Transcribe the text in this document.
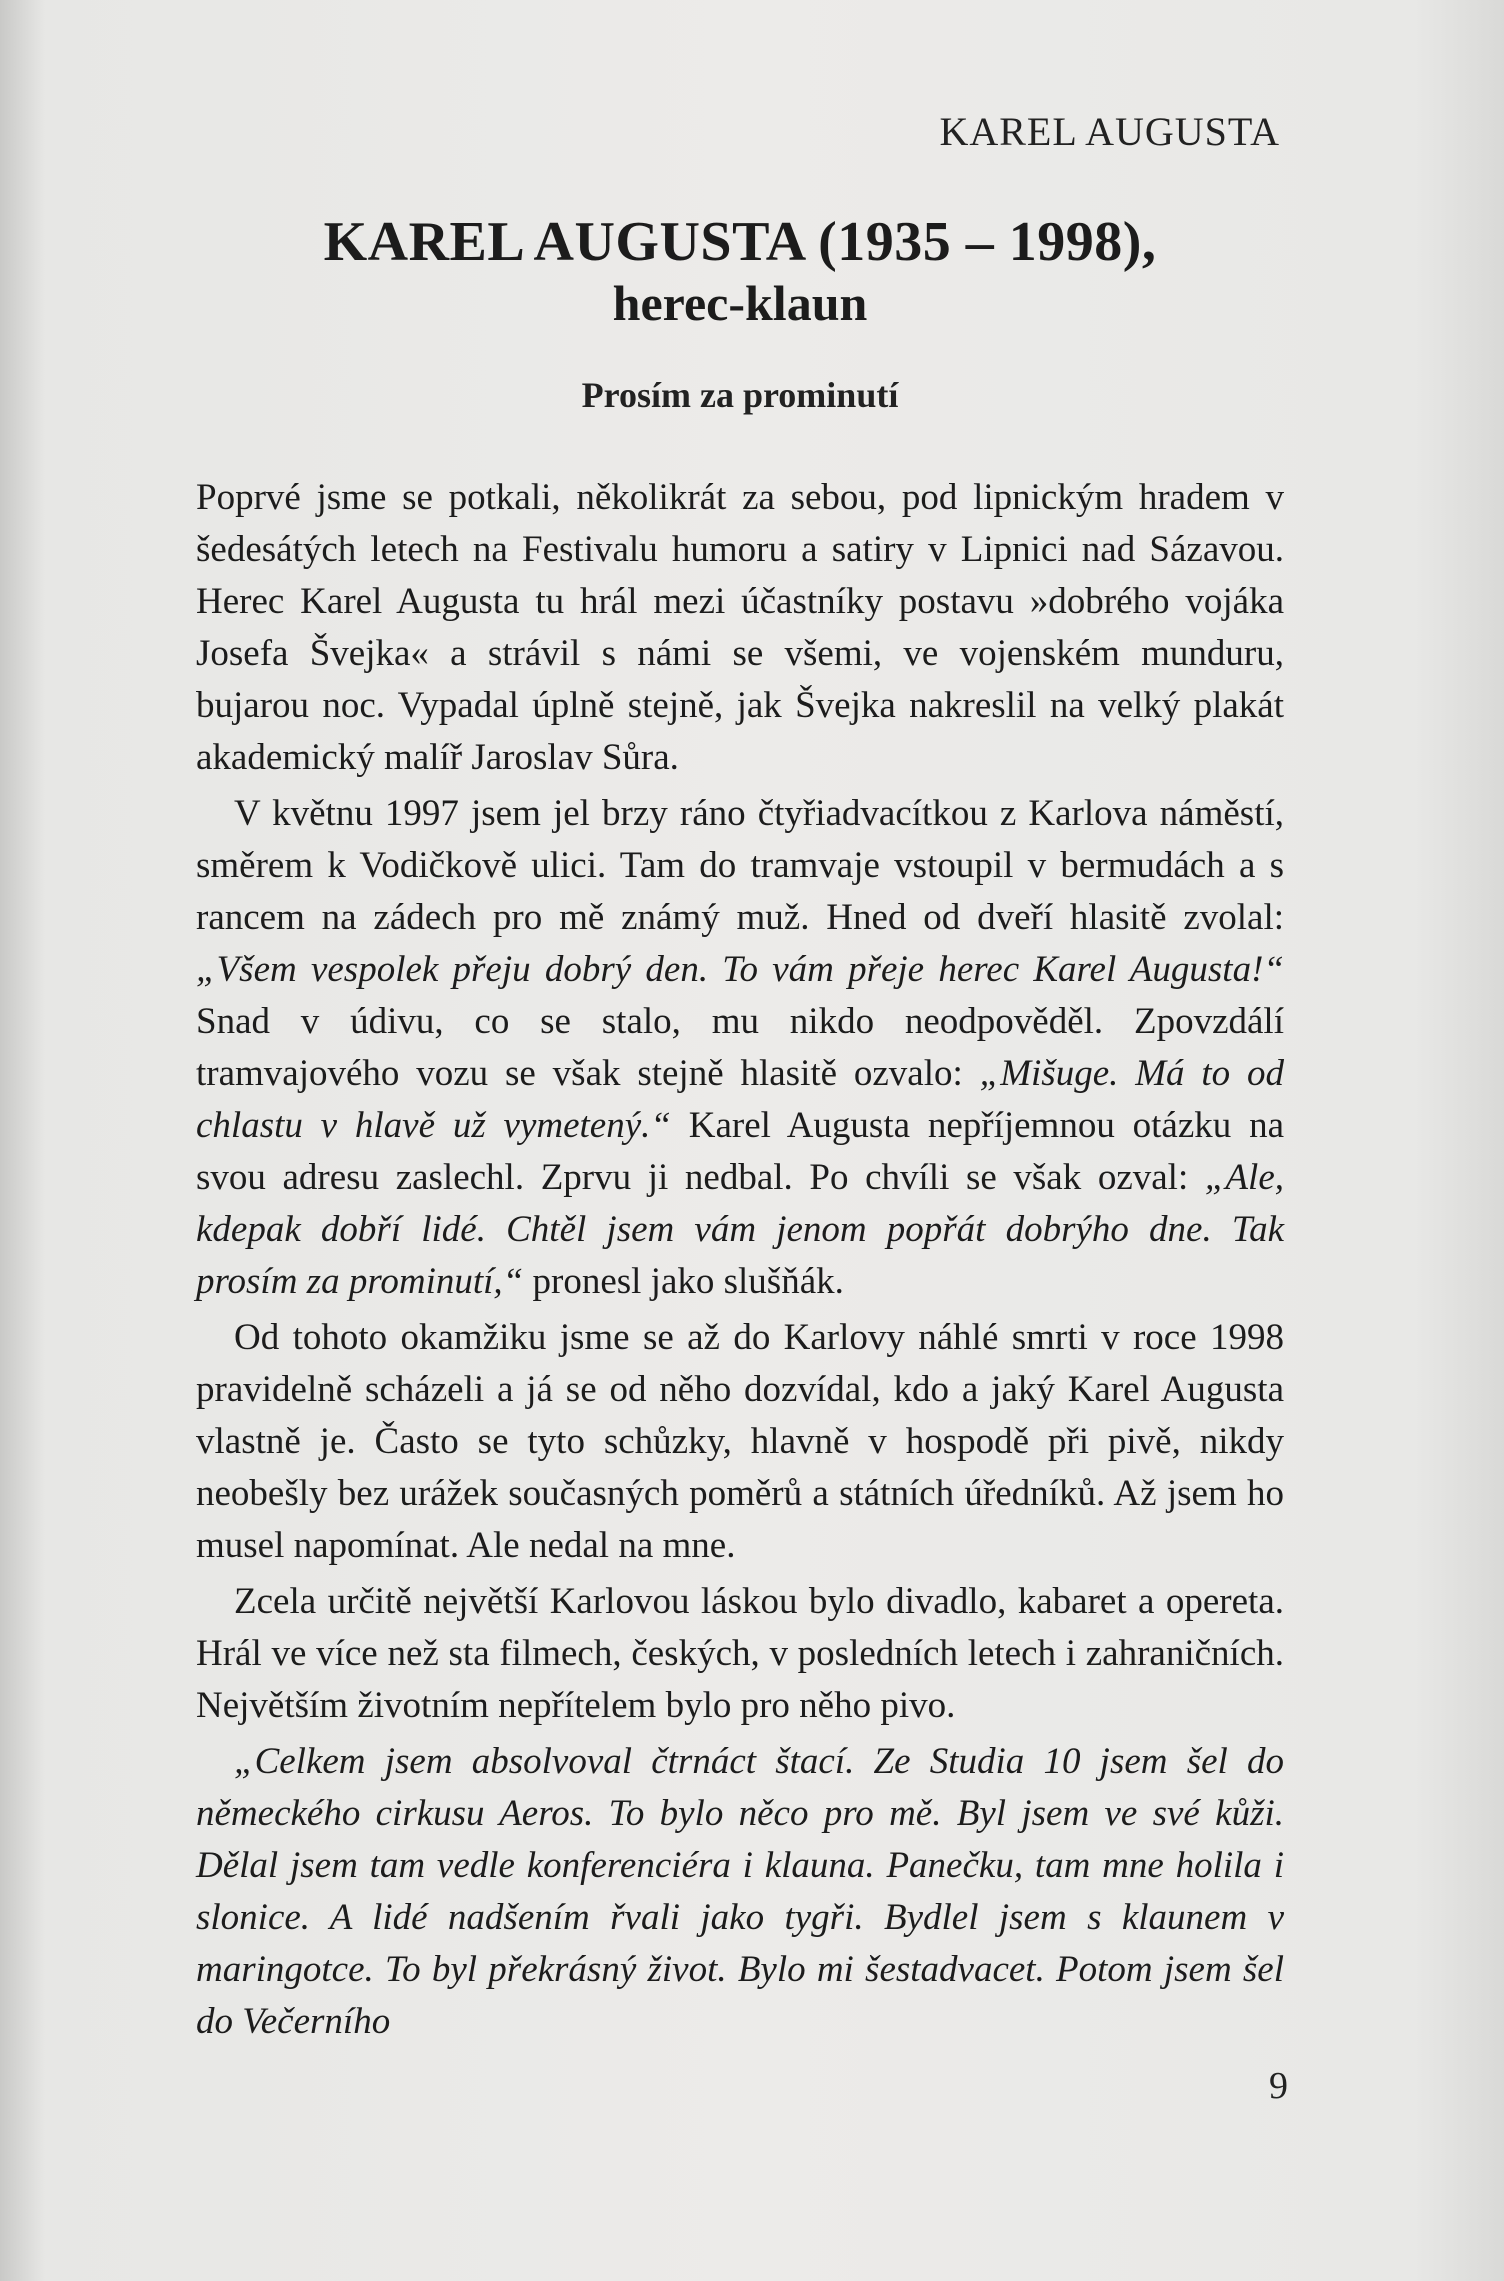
KAREL AUGUSTA
KAREL AUGUSTA (1935 – 1998),
herec-klaun
Prosím za prominutí

Poprvé jsme se potkali, několikrát za sebou, pod lipnickým hradem v šedesátých letech na Festivalu humoru a satiry v Lipnici nad Sázavou. Herec Karel Augusta tu hrál mezi účastníky postavu »dobrého vojáka Josefa Švejka« a strávil s námi se všemi, ve vojenském munduru, bujarou noc. Vypadal úplně stejně, jak Švejka nakreslil na velký plakát akademický malíř Jaroslav Sůra.

V květnu 1997 jsem jel brzy ráno čtyřiadvacítkou z Karlova náměstí, směrem k Vodičkově ulici. Tam do tramvaje vstoupil v bermudách a s rancem na zádech pro mě známý muž. Hned od dveří hlasitě zvolal: „Všem vespolek přeju dobrý den. To vám přeje herec Karel Augusta!“ Snad v údivu, co se stalo, mu nikdo neodpověděl. Zpovzdálí tramvajového vozu se však stejně hlasitě ozvalo: „Mišuge. Má to od chlastu v hlavě už vymetený.“ Karel Augusta nepříjemnou otázku na svou adresu zaslechl. Zprvu ji nedbal. Po chvíli se však ozval: „Ale, kdepak dobří lidé. Chtěl jsem vám jenom popřát dobrýho dne. Tak prosím za prominutí,“ pronesl jako slušňák.

Od tohoto okamžiku jsme se až do Karlovy náhlé smrti v roce 1998 pravidelně scházeli a já se od něho dozvídal, kdo a jaký Karel Augusta vlastně je. Často se tyto schůzky, hlavně v hospodě při pivě, nikdy neobešly bez urážek současných poměrů a státních úředníků. Až jsem ho musel napomínat. Ale nedal na mne.

Zcela určitě největší Karlovou láskou bylo divadlo, kabaret a opereta. Hrál ve více než sta filmech, českých, v posledních letech i zahraničních. Největším životním nepřítelem bylo pro něho pivo.

„Celkem jsem absolvoval čtrnáct štací. Ze Studia 10 jsem šel do německého cirkusu Aeros. To bylo něco pro mě. Byl jsem ve své kůži. Dělal jsem tam vedle konferenciéra i klauna. Panečku, tam mne holila i slonice. A lidé nadšením řvali jako tygři. Bydlel jsem s klaunem v maringotce. To byl překrásný život. Bylo mi šestadvacet. Potom jsem šel do Večerního

9
